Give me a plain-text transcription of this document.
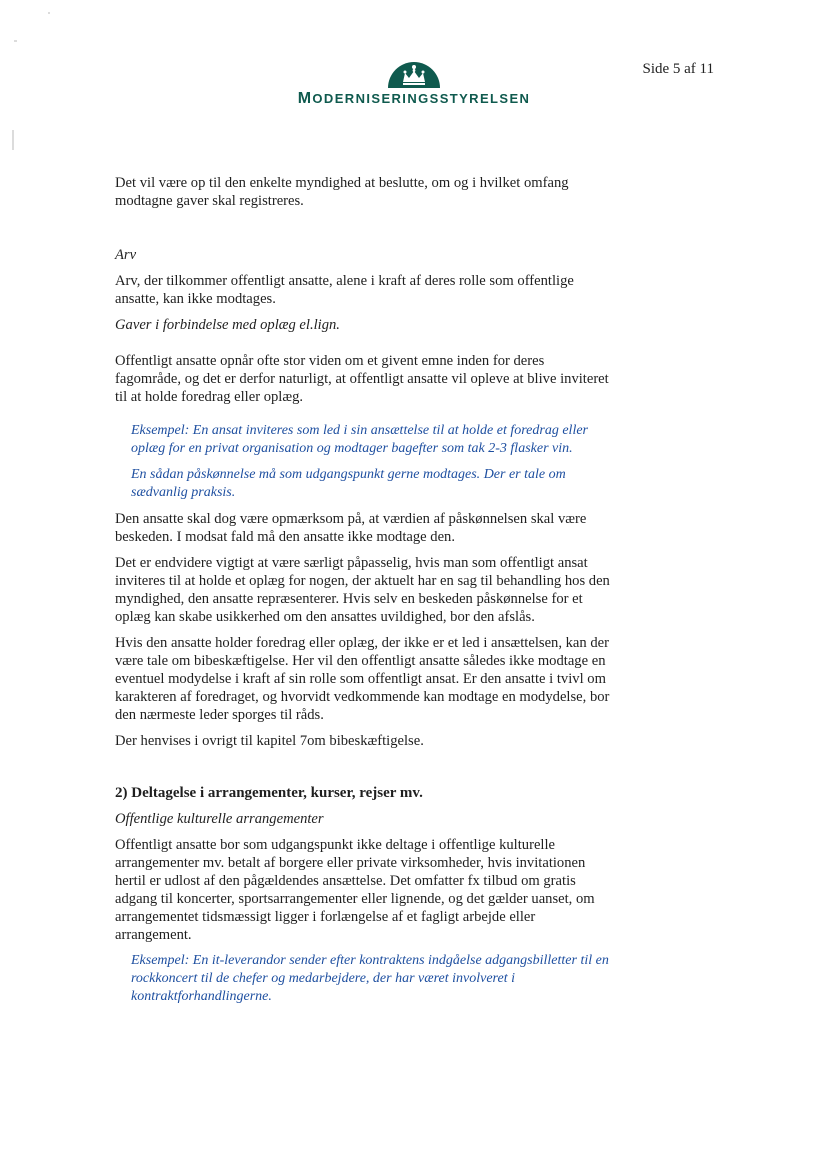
MODERNISERINGSSTYRELSEN
Side 5 af 11

Det vil være op til den enkelte myndighed at beslutte, om og i hvilket omfang modtagne gaver skal registreres.

Arv

Arv, der tilkommer offentligt ansatte, alene i kraft af deres rolle som offentlige ansatte, kan ikke modtages.

Gaver i forbindelse med oplæg el.lign.

Offentligt ansatte opnår ofte stor viden om et givent emne inden for deres fagområde, og det er derfor naturligt, at offentligt ansatte vil opleve at blive inviteret til at holde foredrag eller oplæg.

Eksempel: En ansat inviteres som led i sin ansættelse til at holde et foredrag eller oplæg for en privat organisation og modtager bagefter som tak 2-3 flasker vin.

En sådan påskønnelse må som udgangspunkt gerne modtages. Der er tale om sædvanlig praksis.

Den ansatte skal dog være opmærksom på, at værdien af påskønnelsen skal være beskeden. I modsat fald må den ansatte ikke modtage den.

Det er endvidere vigtigt at være særligt påpasselig, hvis man som offentligt ansat inviteres til at holde et oplæg for nogen, der aktuelt har en sag til behandling hos den myndighed, den ansatte repræsenterer. Hvis selv en beskeden påskønnelse for et oplæg kan skabe usikkerhed om den ansattes uvildighed, bor den afslås.

Hvis den ansatte holder foredrag eller oplæg, der ikke er et led i ansættelsen, kan der være tale om bibeskæftigelse. Her vil den offentligt ansatte således ikke modtage en eventuel modydelse i kraft af sin rolle som offentligt ansat. Er den ansatte i tvivl om karakteren af foredraget, og hvorvidt vedkommende kan modtage en modydelse, bor den nærmeste leder sporges til råds.

Der henvises i ovrigt til kapitel 7om bibeskæftigelse.

2) Deltagelse i arrangementer, kurser, rejser mv.

Offentlige kulturelle arrangementer

Offentligt ansatte bor som udgangspunkt ikke deltage i offentlige kulturelle arrangementer mv. betalt af borgere eller private virksomheder, hvis invitationen hertil er udlost af den pågældendes ansættelse. Det omfatter fx tilbud om gratis adgang til koncerter, sportsarrangementer eller lignende, og det gælder uanset, om arrangementet tidsmæssigt ligger i forlængelse af et fagligt arbejde eller arrangement.

Eksempel: En it-leverandor sender efter kontraktens indgåelse adgangsbilletter til en rockkoncert til de chefer og medarbejdere, der har været involveret i kontraktforhandlingerne.
